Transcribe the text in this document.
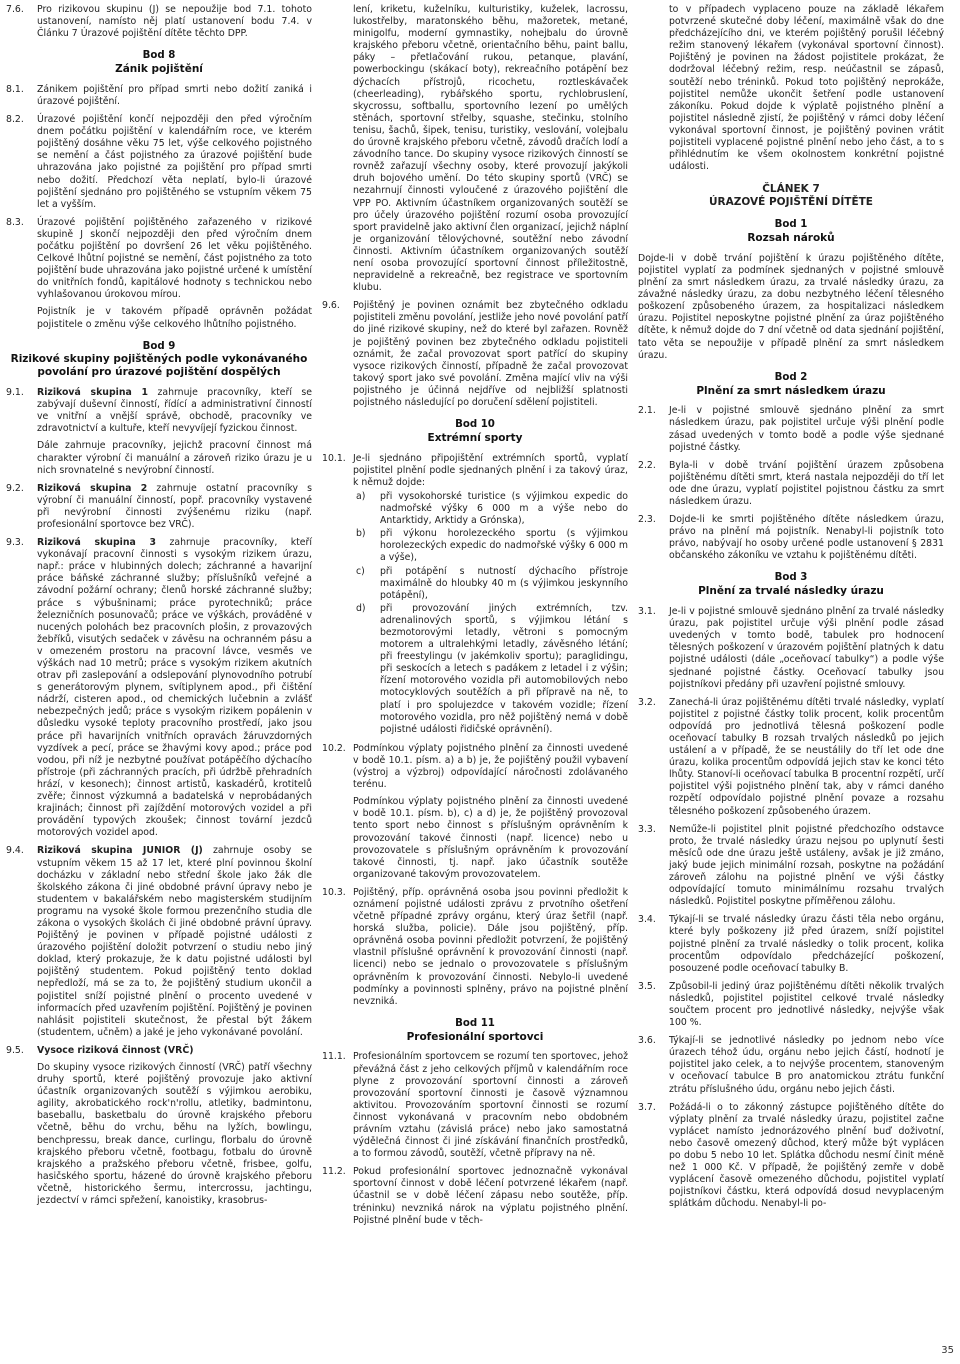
7.6.	Pro rizikovou skupinu (J) se nepoužije bod 7.1. tohoto ustanovení, namísto něj platí ustanovení bodu 7.4. v Článku 7 Úrazové pojištění dítěte těchto DPP.
Bod 8
Zánik pojištění
8.1.	Zánikem pojištění pro případ smrti nebo dožití zaniká i úrazové pojištění.
8.2.	Úrazové pojištění končí nejpozději den před výročním dnem počátku pojištění v kalendářním roce, ve kterém pojištěný dosáhne věku 75 let, výše celkového pojistného se nemění a část pojistného za úrazové pojištění bude uhrazována jako pojistné za pojištění pro případ smrti nebo dožití. Předchozí věta neplatí, bylo-li úrazové pojištění sjednáno pro pojištěného se vstupním věkem 75 let a vyšším.
8.3.	Úrazové pojištění pojištěného zařazeného v rizikové skupině J skončí nejpozději den před výročním dnem počátku pojištění po dovršení 26 let věku pojištěného. Celkové lhůtní pojistné se nemění, část pojistného za toto pojištění bude uhrazována jako pojistné určené k umístění do vnitřních fondů, kapitálové hodnoty s technickou nebo vyhlašovanou úrokovou mírou.

Pojistník je v takovém případě oprávněn požádat pojistitele o změnu výše celkového lhůtního pojistného.

Bod 9
Rizikové skupiny pojištěných podle vykonávaného povolání pro úrazové pojištění dospělých
9.1.	Riziková skupina 1 zahrnuje pracovníky, kteří se zabývají duševní činností, řídící a administrativní činností ve vnitřní a vnější správě, obchodě, pracovníky ve zdravotnictví a kultuře, kteří nevyvíjejí fyzickou činnost.

Dále zahrnuje pracovníky, jejichž pracovní činnost má charakter výrobní či manuální a zároveň riziko úrazu je u nich srovnatelné s nevýrobní činností.

9.2.	Riziková skupina 2 zahrnuje ostatní pracovníky s výrobní či manuální činností, popř. pracovníky vystavené při nevýrobní činnosti zvýšenému riziku (např. profesionální sportovce bez VRČ).
9.3.	Riziková skupina 3 zahrnuje pracovníky, kteří vykonávají pracovní činnosti s vysokým rizikem úrazu, např.: práce v hlubinných dolech; záchranné a havarijní práce báňské záchranné služby; příslušníků veřejné a závodní požární ochrany; členů horské záchranné služby; práce s výbušninami; práce pyrotechniků; práce železničních posunovačů; práce ve výškách, prováděné v nucených polohách bez pracovních plošin, z provazových žebříků, visutých sedaček v závěsu na ochranném pásu a v omezeném prostoru na pracovní lávce, vesměs ve výškách nad 10 metrů; práce s vysokým rizikem akutních otrav při zaslepování a odslepování plynovodního potrubí s generátorovým plynem, svítiplynem apod., při čištění nádrží, cisteren apod., od chemických lučebnin a zvlášť nebezpečných jedů; práce s vysokým rizikem popálenin v důsledku vysoké teploty pracovního prostředí, jako jsou práce při havarijních vnitřních opravách žáruvzdorných vyzdívek a pecí, práce se žhavými kovy apod.; práce pod vodou, při níž je nezbytné používat potápěčího dýchacího přístroje (při záchranných pracích, při údržbě přehradních hrází, v kesonech); činnost artistů, kaskadérů, krotitelů zvěře; činnost výzkumná a badatelská v neprobádaných krajinách; činnost při zajíždění motorových vozidel a při provádění typových zkoušek; činnost tovární jezdců motorových vozidel apod.
9.4.	Riziková skupina JUNIOR (J) zahrnuje osoby se vstupním věkem 15 až 17 let, které plní povinnou školní docházku v základní nebo střední škole jako žák dle školského zákona či jiné obdobné právní úpravy nebo je studentem v bakalářském nebo magisterském studijním programu na vysoké škole formou prezenčního studia dle zákona o vysokých školách či jiné obdobné právní úpravy. Pojištěný je povinen v případě pojistné události z úrazového pojištění doložit potvrzení o studiu nebo jiný doklad, který prokazuje, že k datu pojistné události byl pojištěný studentem. Pokud pojištěný tento doklad nepředloží, má se za to, že pojištěný studium ukončil a pojistitel sníží pojistné plnění o procento uvedené v informacích před uzavřením pojištění. Pojištěný je povinen nahlásit pojistiteli skutečnost, že přestal být žákem (studentem, učněm) a jaké je jeho vykonávané povolání.
9.5.	Vysoce riziková činnost (VRČ)

Do skupiny vysoce rizikových činností (VRČ) patří všechny druhy sportů, které pojištěný provozuje jako aktivní účastník organizovaných soutěží s výjimkou aerobiku, agility, akrobatického rock'n'rollu, atletiky, badmintonu, baseballu, basketbalu do úrovně krajského přeboru včetně, běhu do vrchu, běhu na lyžích, bowlingu, benchpressu, break dance, curlingu, florbalu do úrovně krajského přeboru včetně, footbagu, fotbalu do úrovně krajského a pražského přeboru včetně, frisbee, golfu, hasičského sportu, házené do úrovně krajského přeboru včetně, historického šermu, intercrossu, jachtingu, jezdectví v rámci spřežení, kanoistiky, krasobrus-

lení, kriketu, kuželníku, kulturistiky, kuželek, lacrossu, lukostřelby, maratonského běhu, mažoretek, metané, minigolfu, moderní gymnastiky, nohejbalu do úrovně krajského přeboru včetně, orientačního běhu, paint ballu, páky – přetlačování rukou, petanque, plavání, powerbockingu (skákací boty), rekreačního potápění bez dýchacích přístrojů, ricochetu, roztleskávaček (cheerleading), rybářského sportu, rychlobruslení, skycrossu, softballu, sportovního lezení po umělých stěnách, sportovní střelby, squashe, stečinku, stolního tenisu, šachů, šipek, tenisu, turistiky, veslování, volejbalu do úrovně krajského přeboru včetně, závodů dračích lodí a závodního tance. Do skupiny vysoce rizikových činností se rovněž zařazují všechny osoby, které provozují jakýkoli druh bojového umění. Do této skupiny sportů (VRČ) se nezahrnují činnosti vyloučené z úrazového pojištění dle VPP PO. Aktivním účastníkem organizovaných soutěží se pro účely úrazového pojištění rozumí osoba provozující sport pravidelně jako aktivní člen organizací, jejichž náplní je organizování tělovýchovné, soutěžní nebo závodní činnosti. Aktivním účastníkem organizovaných soutěží není osoba provozující sportovní činnost příležitostně, nepravidelně a rekreačně, bez registrace ve sportovním klubu.

9.6.	Pojištěný je povinen oznámit bez zbytečného odkladu pojistiteli změnu povolání, jestliže jeho nové povolání patří do jiné rizikové skupiny, než do které byl zařazen. Rovněž je pojištěný povinen bez zbytečného odkladu pojistiteli oznámit, že začal provozovat sport patřící do skupiny vysoce rizikových činností, případně že začal provozovat takový sport jako své povolání. Změna mající vliv na výši pojistného je účinná nejdříve od nejbližší splatnosti pojistného následující po doručení sdělení pojistiteli.
Bod 10
Extrémní sporty
10.1. Je-li sjednáno připojištění extrémních sportů, vyplatí pojistitel plnění podle sjednaných plnění i za takový úraz, k němuž dojde:

a)	při vysokohorské turistice (s výjimkou expedic do nadmořské výšky 6 000 m a výše nebo do Antarktidy, Arktidy a Grónska),
b)	při výkonu horolezeckého sportu (s výjimkou horolezeckých expedic do nadmořské výšky 6 000 m a výše),
c)	při potápění s nutností dýchacího přístroje maximálně do hloubky 40 m (s výjimkou jeskynního potápění),
d)	při provozování jiných extrémních, tzv. adrenalinových sportů, s výjimkou létání s bezmotorovými letadly, větroni s pomocným motorem a ultralehkými letadly, závěsného létání; při freestylingu (v jakémkoliv sportu); paraglidingu, při seskocích a letech s padákem z letadel i z výšin; řízení motorového vozidla při automobilových nebo motocyklových soutěžích a při přípravě na ně, to platí i pro spolujezdce v takovém vozidle; řízení motorového vozidla, pro něž pojištěný nemá v době pojistné události řidičské oprávnění).
10.2. Podmínkou výplaty pojistného plnění za činnosti uvedené v bodě 10.1. písm. a) a b) je, že pojištěný použil vybavení (výstroj a výzbroj) odpovídající náročnosti zdolávaného terénu.

Podmínkou výplaty pojistného plnění za činnosti uvedené v bodě 10.1. písm. b), c) a d) je, že pojištěný provozoval tento sport nebo činnost s příslušným oprávněním k provozování takové činnosti (např. licence) nebo u provozovatele s příslušným oprávněním k provozování takové činnosti, tj. např. jako účastník soutěže organizované takovým provozovatelem.

10.3. Pojištěný, příp. oprávněná osoba jsou povinni předložit k oznámení pojistné události zprávu z prvotního ošetření včetně případné zprávy orgánu, který úraz šetřil (např. horská služba, policie). Dále jsou pojištěný, příp. oprávněná osoba povinni předložit potvrzení, že pojištěný vlastnil příslušné oprávnění k provozování činnosti (např. licenci) nebo se jednalo o provozovatele s příslušným oprávněním k provozování činnosti. Nebylo-li uvedené podmínky a povinnosti splněny, právo na pojistné plnění nevzniká.
Bod 11
Profesionální sportovci
11.1. Profesionálním sportovcem se rozumí ten sportovec, jehož převážná část z jeho celkových příjmů v kalendářním roce plyne z provozování sportovní činnosti a zároveň provozování sportovní činnosti je časově významnou aktivitou. Provozováním sportovní činnosti se rozumí činnost vykonávaná v pracovním nebo obdobném právním vztahu (závislá práce) nebo jako samostatná výdělečná činnost či jiné získávání finančních prostředků, a to formou závodů, soutěží, včetně přípravy na ně.
11.2. Pokud profesionální sportovec jednoznačně vykonával sportovní činnost v době léčení potvrzené lékařem (např. účastnil se v době léčení zápasu nebo soutěže, příp. tréninku) nevzniká nárok na výplatu pojistného plnění. Pojistné plnění bude v těch-

to v případech vyplaceno pouze na základě lékařem potvrzené skutečné doby léčení, maximálně však do dne předcházejícího dni, ve kterém pojištěný porušil léčebný režim stanovený lékařem (vykonával sportovní činnost). Pojištěný je povinen na žádost pojistitele prokázat, že dodržoval léčebný režim, resp. neúčastnil se zápasů, soutěží nebo tréninků. Pokud toto pojištěný neprokáže, pojistitel nemůže ukončit šetření podle ustanovení zákoníku. Pokud dojde k výplatě pojistného plnění a pojistitel následně zjistí, že pojištěný v rámci doby léčení vykonával sportovní činnost, je pojištěný povinen vrátit pojistiteli vyplacené pojistné plnění nebo jeho část, a to s přihlédnutím ke všem okolnostem konkrétní pojistné události.

ČLÁNEK 7
ÚRAZOVÉ POJIŠTĚNÍ DÍTĚTE
Bod 1
Rozsah nároků

Dojde-li v době trvání pojištění k úrazu pojištěného dítěte, pojistitel vyplatí za podmínek sjednaných v pojistné smlouvě plnění za smrt následkem úrazu, za trvalé následky úrazu, za závažné následky úrazu, za dobu nezbytného léčení tělesného poškození způsobeného úrazem, za hospitalizaci následkem úrazu. Pojistitel neposkytne pojistné plnění za úraz pojištěného dítěte, k němuž dojde do 7 dní včetně od data sjednání pojištění, tato věta se nepoužije v případě plnění za smrt následkem úrazu.

Bod 2
Plnění za smrt následkem úrazu
2.1.	Je-li v pojistné smlouvě sjednáno plnění za smrt následkem úrazu, pak pojistitel určuje výši plnění podle zásad uvedených v tomto bodě a podle výše sjednané pojistné částky.
2.2.	Byla-li v době trvání pojištění úrazem způsobena pojištěnému dítěti smrt, která nastala nejpozději do tří let ode dne úrazu, vyplatí pojistitel pojistnou částku za smrt následkem úrazu.
2.3.	Dojde-li ke smrti pojištěného dítěte následkem úrazu, právo na plnění má pojistník. Nenabyl-li pojistník toto právo, nabývají ho osoby určené podle ustanovení § 2831 občanského zákoníku ve vztahu k pojištěnému dítěti.
Bod 3
Plnění za trvalé následky úrazu
3.1.	Je-li v pojistné smlouvě sjednáno plnění za trvalé následky úrazu, pak pojistitel určuje výši plnění podle zásad uvedených v tomto bodě, tabulek pro hodnocení tělesných poškození v úrazovém pojištění platných k datu pojistné události (dále „oceňovací tabulky“) a podle výše sjednané pojistné částky. Oceňovací tabulky jsou pojistníkovi předány při uzavření pojistné smlouvy.
3.2.	Zanechá-li úraz pojištěnému dítěti trvalé následky, vyplatí pojistitel z pojistné částky tolik procent, kolik procentům odpovídá pro jednotlivá tělesná poškození podle oceňovací tabulky B rozsah trvalých následků po jejich ustálení a v případě, že se neustálily do tří let ode dne úrazu, kolika procentům odpovídá jejich stav ke konci této lhůty. Stanoví-li oceňovací tabulka B procentní rozpětí, určí pojistitel výši pojistného plnění tak, aby v rámci daného rozpětí odpovídalo pojistné plnění povaze a rozsahu tělesného poškození způsobeného úrazem.
3.3.	Neműže-li pojistitel plnit pojistné předchozího odstavce proto, že trvalé následky úrazu nejsou po uplynutí šesti měsíců ode dne úrazu ještě ustáleny, avšak je již zmáno, jaký bude jejich minimální rozsah, poskytne na požádání zároveň zálohu na pojistné plnění ve výši částky odpovídající tomuto minimálnímu rozsahu trvalých následků. Pojistitel poskytne příměřenou zálohu.
3.4.	Týkají-li se trvalé následky úrazu části těla nebo orgánu, které byly poškozeny již před úrazem, sníží pojistitel pojistné plnění za trvalé následky o tolik procent, kolika procentům odpovídalo předcházející poškození, posouzené podle oceňovací tabulky B.
3.5.	Způsobil-li jediný úraz pojištěnému dítěti několik trvalých následků, pojistitel pojistitel celkové trvalé následky součtem procent pro jednotlivé následky, nejvýše však 100 %.
3.6.	Týkají-li se jednotlivé následky po jednom nebo více úrazech téhož údu, orgánu nebo jejich částí, hodnotí je pojistitel jako celek, a to nejvýše procentem, stanoveným v oceňovací tabulce B pro anatomickou ztrátu funkční ztrátu příslušného údu, orgánu nebo jejich části.
3.7.	Požádá-li o to zákonný zástupce pojištěného dítěte do výplaty plnění za trvalé následky úrazu, pojistitel začne vyplácet namísto jednorázového plnění buď doživotní, nebo časově omezený důchod, který může být vyplácen po dobu 5 nebo 10 let. Splátka důchodu nesmí činit méně než 1 000 Kč. V případě, že pojištěný zemře v době vyplácení časově omezeného důchodu, pojistitel vyplatí pojistníkovi částku, která odpovídá dosud nevyplaceným splátkám důchodu. Nenabyl-li po-
35
